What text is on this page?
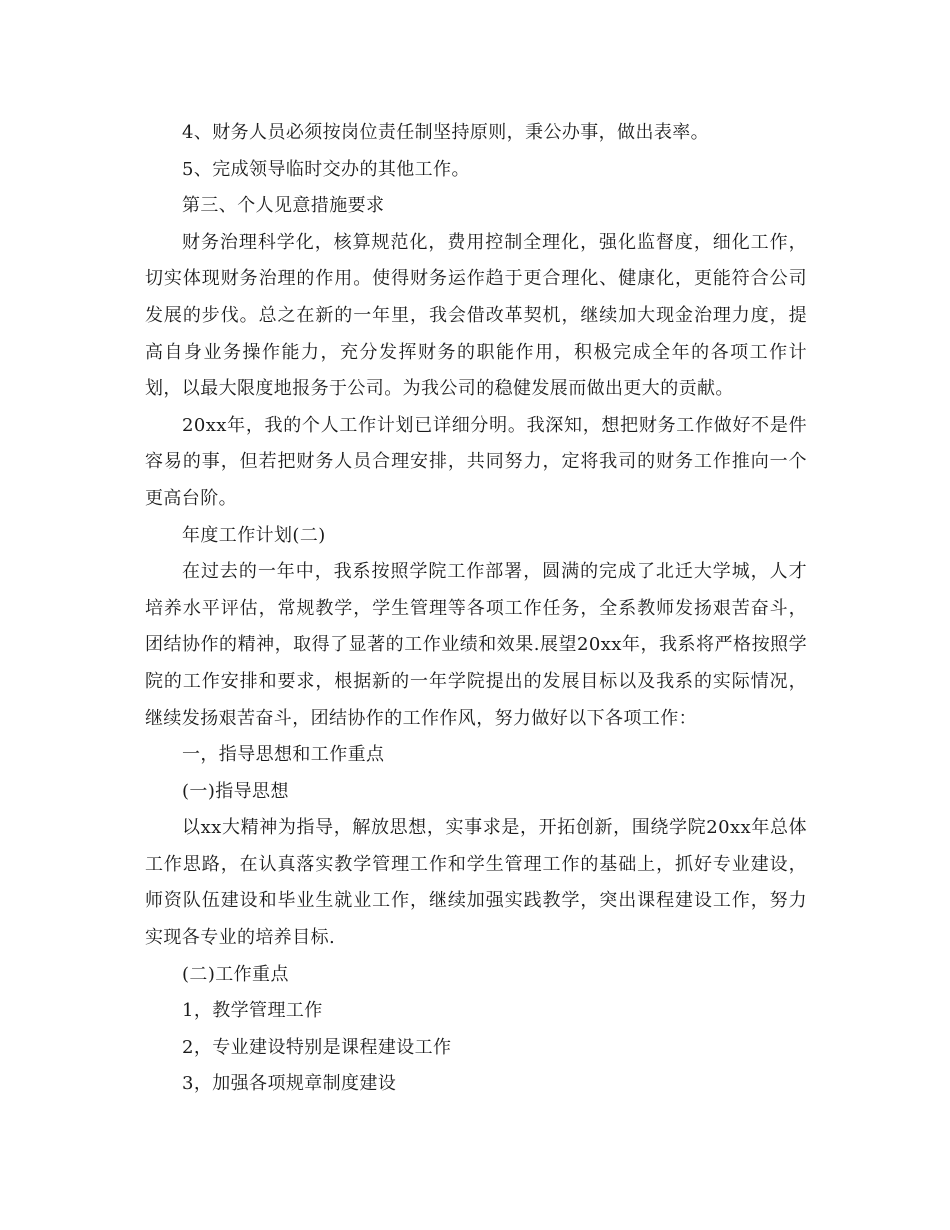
4、财务人员必须按岗位责任制坚持原则，秉公办事，做出表率。

5、完成领导临时交办的其他工作。

第三、个人见意措施要求

财务治理科学化，核算规范化，费用控制全理化，强化监督度，细化工作，切实体现财务治理的作用。使得财务运作趋于更合理化、健康化，更能符合公司发展的步伐。总之在新的一年里，我会借改革契机，继续加大现金治理力度，提高自身业务操作能力，充分发挥财务的职能作用，积极完成全年的各项工作计划，以最大限度地报务于公司。为我公司的稳健发展而做出更大的贡献。

20xx年，我的个人工作计划已详细分明。我深知，想把财务工作做好不是件容易的事，但若把财务人员合理安排，共同努力，定将我司的财务工作推向一个更高台阶。

年度工作计划(二)

在过去的一年中，我系按照学院工作部署，圆满的完成了北迁大学城，人才培养水平评估，常规教学，学生管理等各项工作任务，全系教师发扬艰苦奋斗，团结协作的精神，取得了显著的工作业绩和效果.展望20xx年，我系将严格按照学院的工作安排和要求，根据新的一年学院提出的发展目标以及我系的实际情况，继续发扬艰苦奋斗，团结协作的工作作风，努力做好以下各项工作：

一，指导思想和工作重点

(一)指导思想

以xx大精神为指导，解放思想，实事求是，开拓创新，围绕学院20xx年总体工作思路，在认真落实教学管理工作和学生管理工作的基础上，抓好专业建设，师资队伍建设和毕业生就业工作，继续加强实践教学，突出课程建设工作，努力实现各专业的培养目标.

(二)工作重点

1，教学管理工作

2，专业建设特别是课程建设工作

3，加强各项规章制度建设
